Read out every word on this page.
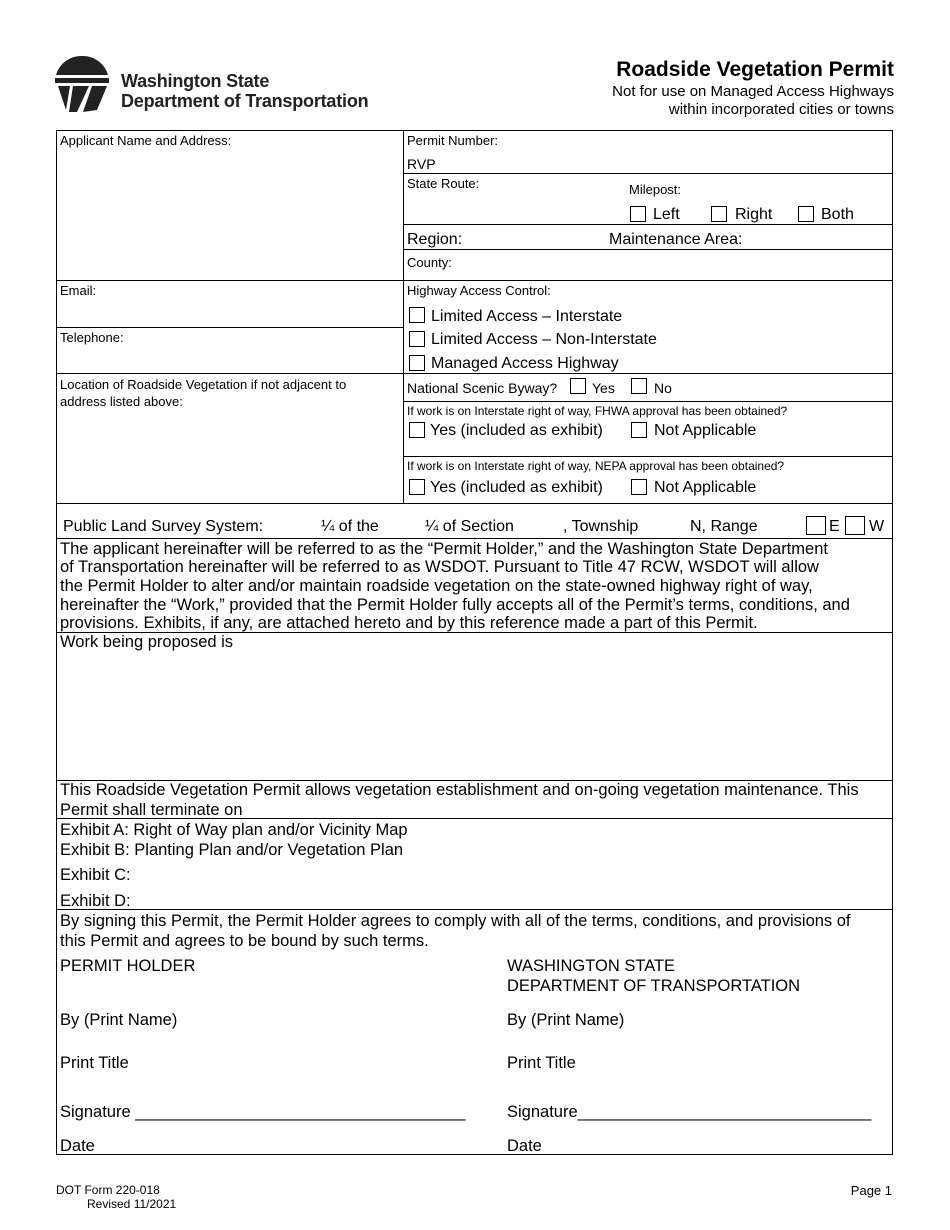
Washington State
Department of Transportation
Roadside Vegetation Permit
Not for use on Managed Access Highways
within incorporated cities or towns
Applicant Name and Address:
Email:
Telephone:
Location of Roadside Vegetation if not adjacent to address listed above:
Permit Number:
RVP
State Route:	Milepost:
Left	Right	Both
Region:	Maintenance Area:
County:
Highway Access Control:
Limited Access – Interstate
Limited Access – Non-Interstate
Managed Access Highway
National Scenic Byway? Yes	No
If work is on Interstate right of way, FHWA approval has been obtained?
Yes (included as exhibit)	Not Applicable
If work is on Interstate right of way, NEPA approval has been obtained?
Yes (included as exhibit)	Not Applicable
Public Land Survey System:	¼ of the	¼ of Section	, Township	N, Range	E W
The applicant hereinafter will be referred to as the “Permit Holder,” and the Washington State Department
of Transportation hereinafter will be referred to as WSDOT. Pursuant to Title 47 RCW, WSDOT will allow
the Permit Holder to alter and/or maintain roadside vegetation on the state-owned highway right of way,
hereinafter the “Work,” provided that the Permit Holder fully accepts all of the Permit’s terms, conditions, and
provisions. Exhibits, if any, are attached hereto and by this reference made a part of this Permit.
Work being proposed is
This Roadside Vegetation Permit allows vegetation establishment and on-going vegetation maintenance. This
Permit shall terminate on
Exhibit A: Right of Way plan and/or Vicinity Map
Exhibit B: Planting Plan and/or Vegetation Plan
Exhibit C:
Exhibit D:
By signing this Permit, the Permit Holder agrees to comply with all of the terms, conditions, and provisions of
this Permit and agrees to be bound by such terms.
PERMIT HOLDER	WASHINGTON STATE
DEPARTMENT OF TRANSPORTATION
By (Print Name)	By (Print Name)
Print Title	Print Title
Signature ____________________________________	Signature________________________________
Date	Date
DOT Form 220-018
Revised 11/2021
Page 1
